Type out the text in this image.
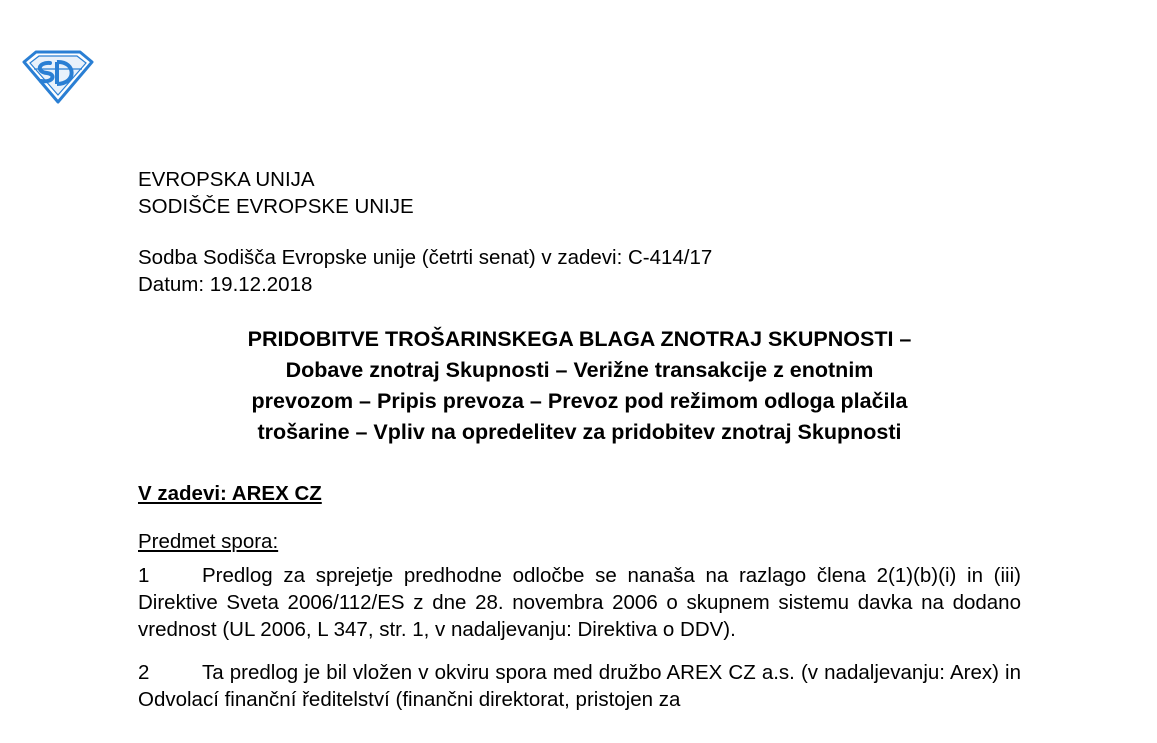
EVROPSKA UNIJA
SODIŠČE EVROPSKE UNIJE
Sodba Sodišča Evropske unije (četrti senat) v zadevi: C-414/17
Datum: 19.12.2018
PRIDOBITVE TROŠARINSKEGA BLAGA ZNOTRAJ SKUPNOSTI –
Dobave znotraj Skupnosti – Verižne transakcije z enotnim
prevozom – Pripis prevoza – Prevoz pod režimom odloga plačila
trošarine – Vpliv na opredelitev za pridobitev znotraj Skupnosti
V zadevi: AREX CZ
Predmet spora:
1	Predlog za sprejetje predhodne odločbe se nanaša na razlago člena 2(1)(b)(i) in (iii) Direktive Sveta 2006/112/ES z dne 28. novembra 2006 o skupnem sistemu davka na dodano vrednost (UL 2006, L 347, str. 1, v nadaljevanju: Direktiva o DDV).
2	Ta predlog je bil vložen v okviru spora med družbo AREX CZ a.s. (v nadaljevanju: Arex) in Odvolací finanční ředitelství (finančni direktorat, pristojen za
